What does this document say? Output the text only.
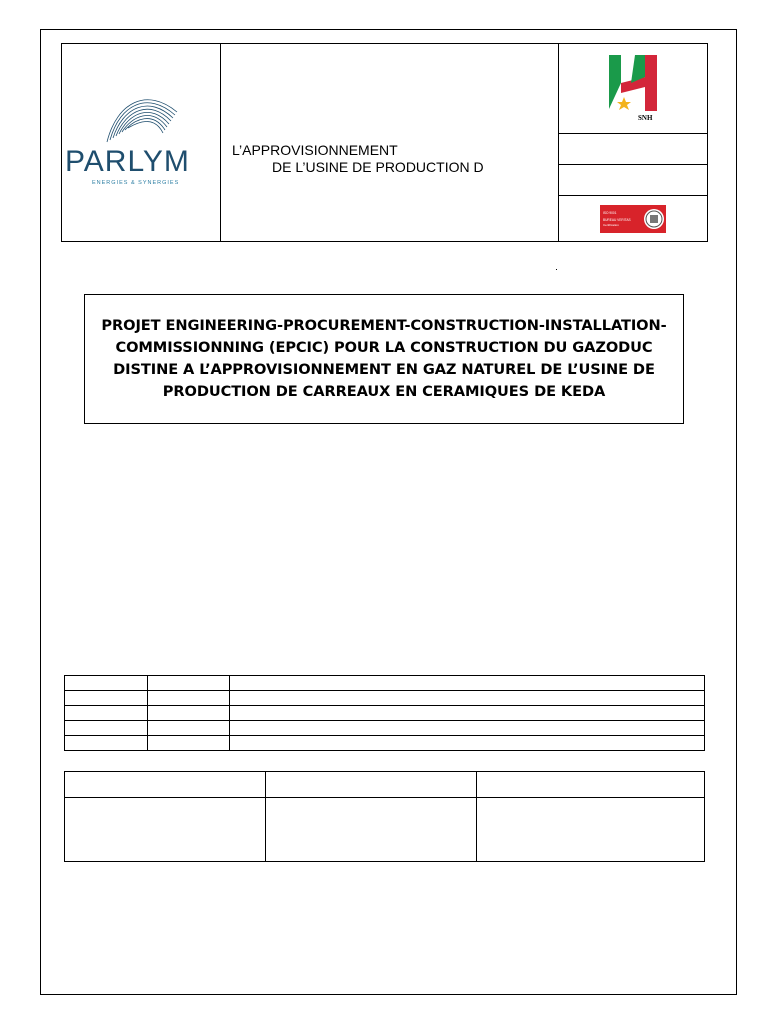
PARLYM
ENERGIES & SYNERGIES
L’APPROVISIONNEMENT
DE L’USINE DE PRODUCTION D
SNH
ISO 9001
BUREAU VERITAS
Certification
PROJET ENGINEERING-PROCUREMENT-CONSTRUCTION-INSTALLATION-COMMISSIONNING (EPCIC) POUR LA CONSTRUCTION DU GAZODUC DISTINE A L’APPROVISIONNEMENT EN GAZ NATUREL DE L’USINE DE PRODUCTION DE CARREAUX EN CERAMIQUES DE KEDA
